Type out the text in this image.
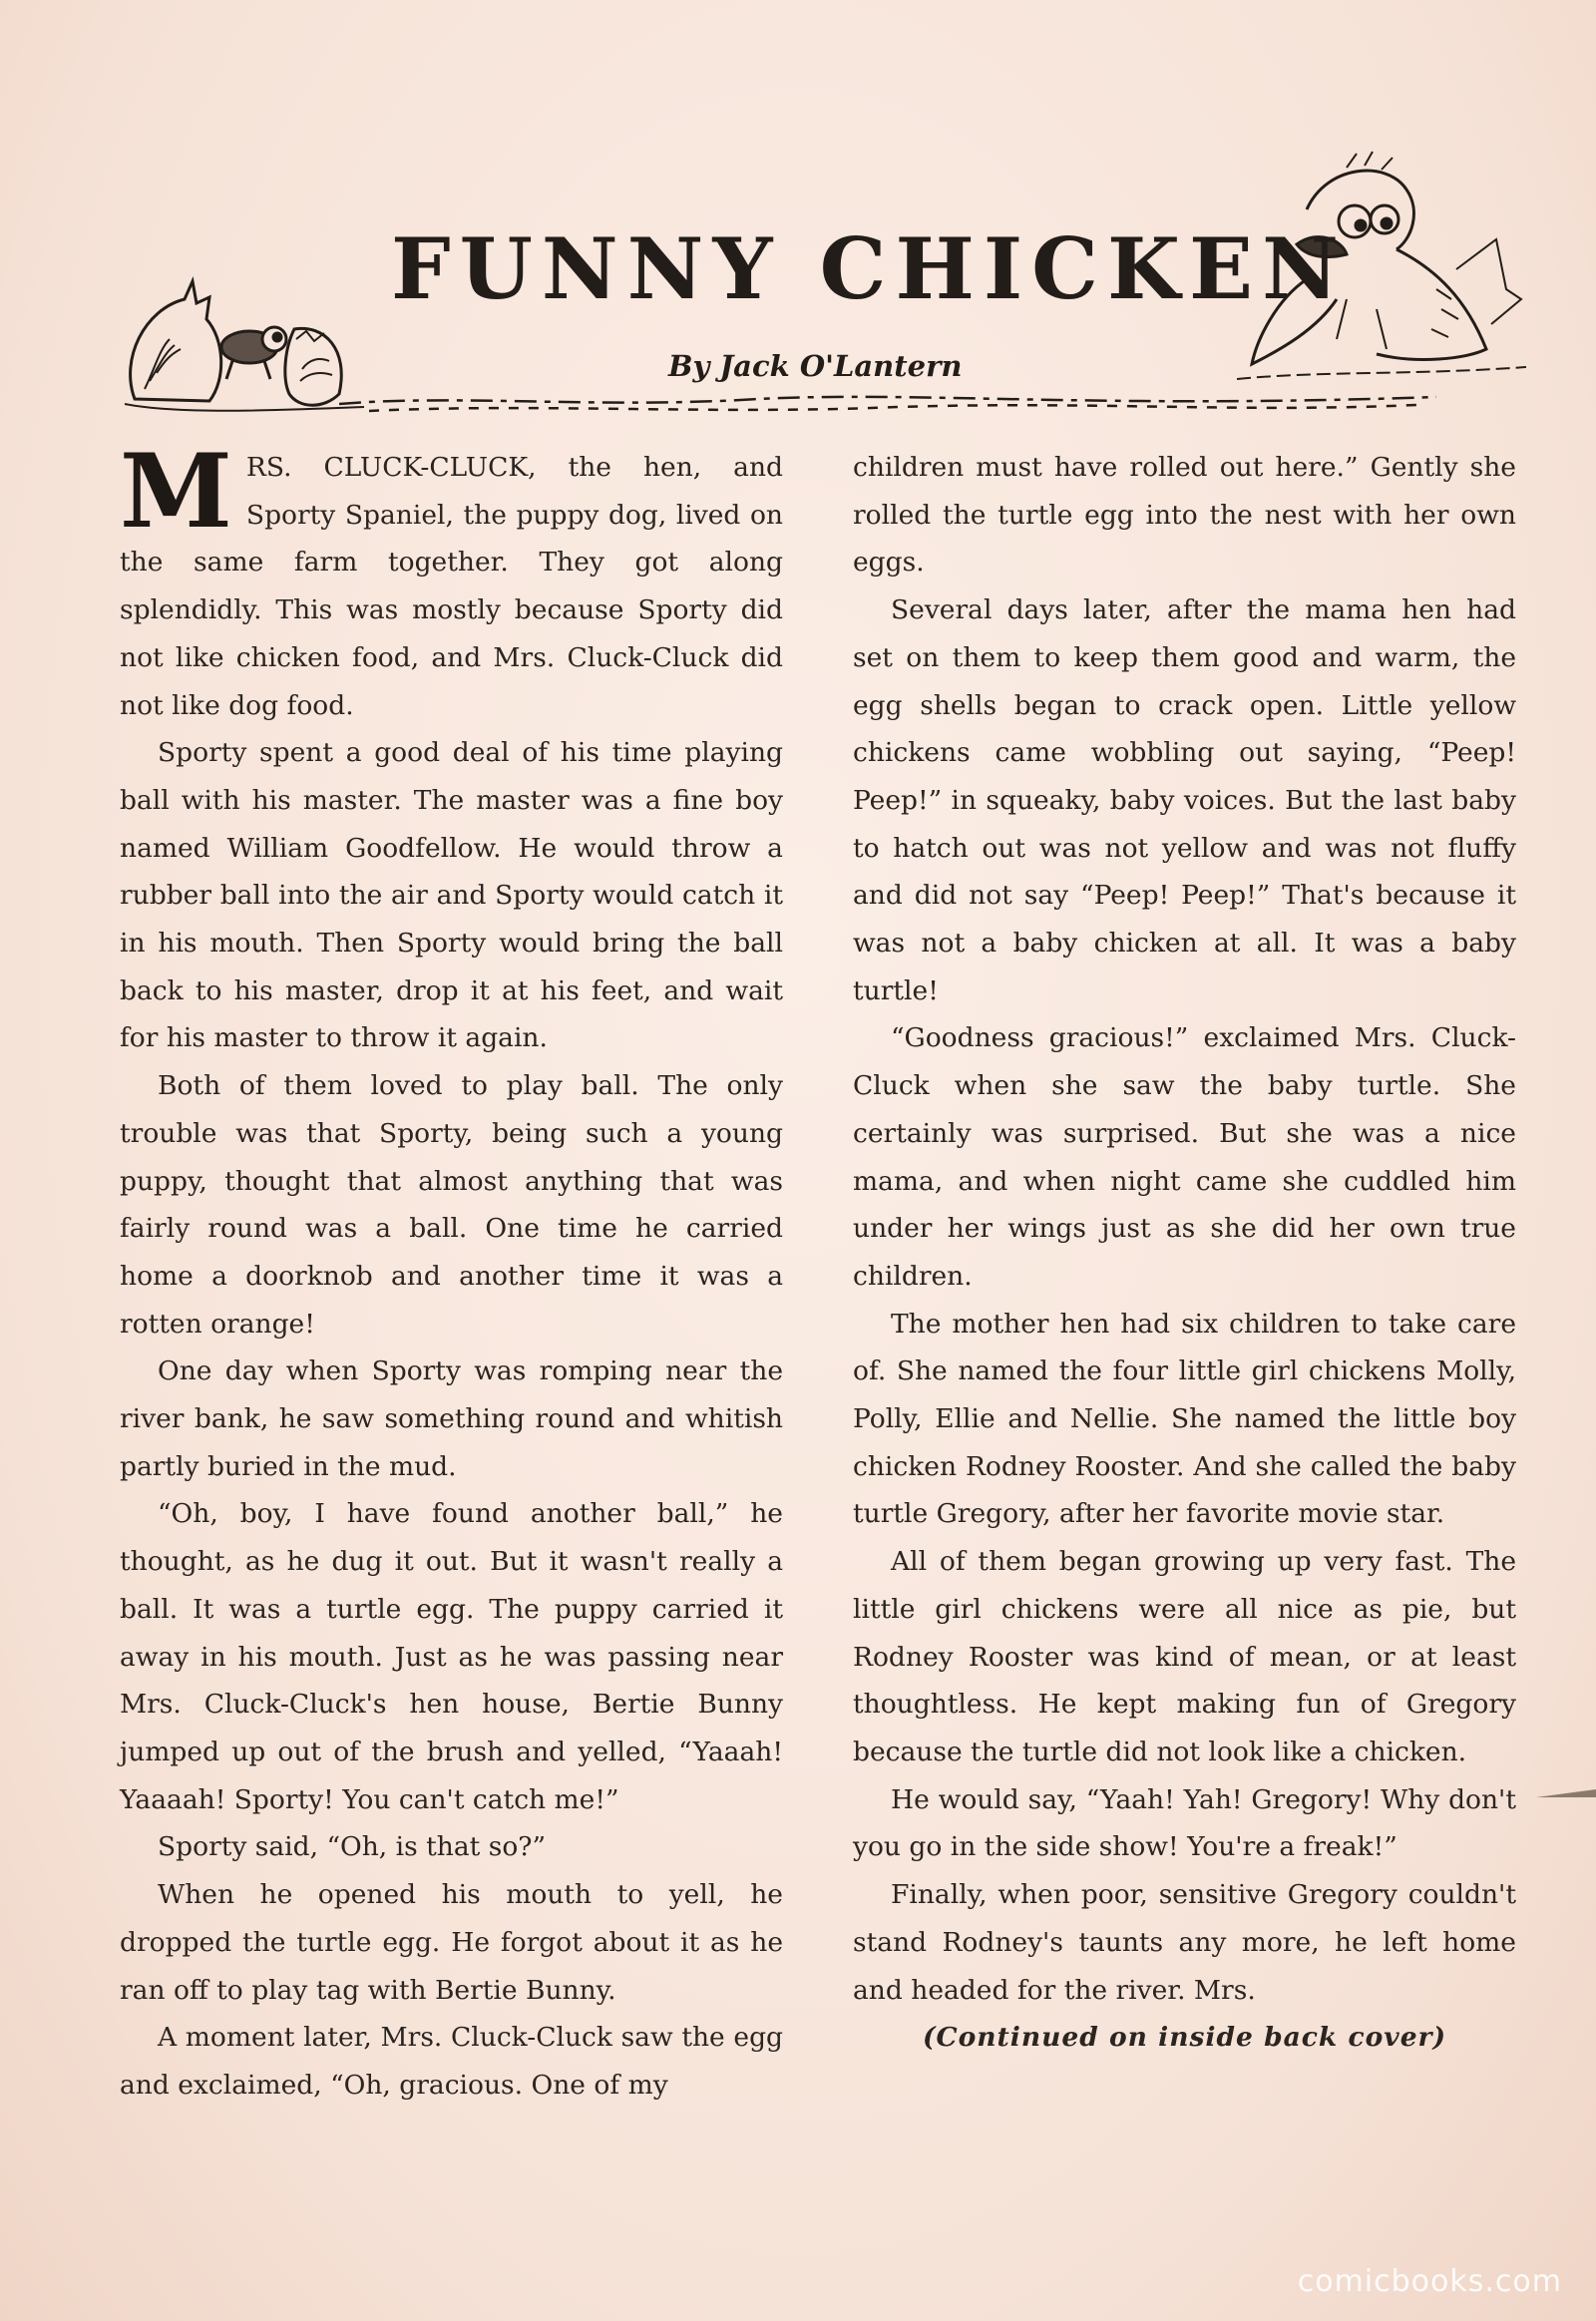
FUNNY CHICKEN
By Jack O'Lantern

MRS. CLUCK-CLUCK, the hen, and Sporty Spaniel, the puppy dog, lived on the same farm together. They got along splendidly. This was mostly because Sporty did not like chicken food, and Mrs. Cluck-Cluck did not like dog food.

Sporty spent a good deal of his time playing ball with his master. The master was a fine boy named William Goodfellow. He would throw a rubber ball into the air and Sporty would catch it in his mouth. Then Sporty would bring the ball back to his master, drop it at his feet, and wait for his master to throw it again.

Both of them loved to play ball. The only trouble was that Sporty, being such a young puppy, thought that almost anything that was fairly round was a ball. One time he carried home a doorknob and another time it was a rotten orange!

One day when Sporty was romping near the river bank, he saw something round and whitish partly buried in the mud.

“Oh, boy, I have found another ball,” he thought, as he dug it out. But it wasn't really a ball. It was a turtle egg. The puppy carried it away in his mouth. Just as he was passing near Mrs. Cluck-Cluck's hen house, Bertie Bunny jumped up out of the brush and yelled, “Yaaah! Yaaaah! Sporty! You can't catch me!”

Sporty said, “Oh, is that so?”

When he opened his mouth to yell, he dropped the turtle egg. He forgot about it as he ran off to play tag with Bertie Bunny.

A moment later, Mrs. Cluck-Cluck saw the egg and exclaimed, “Oh, gracious. One of my

children must have rolled out here.” Gently she rolled the turtle egg into the nest with her own eggs.

Several days later, after the mama hen had set on them to keep them good and warm, the egg shells began to crack open. Little yellow chickens came wobbling out saying, “Peep! Peep!” in squeaky, baby voices. But the last baby to hatch out was not yellow and was not fluffy and did not say “Peep! Peep!” That's because it was not a baby chicken at all. It was a baby turtle!

“Goodness gracious!” exclaimed Mrs. Cluck-Cluck when she saw the baby turtle. She certainly was surprised. But she was a nice mama, and when night came she cuddled him under her wings just as she did her own true children.

The mother hen had six children to take care of. She named the four little girl chickens Molly, Polly, Ellie and Nellie. She named the little boy chicken Rodney Rooster. And she called the baby turtle Gregory, after her favorite movie star.

All of them began growing up very fast. The little girl chickens were all nice as pie, but Rodney Rooster was kind of mean, or at least thoughtless. He kept making fun of Gregory because the turtle did not look like a chicken.

He would say, “Yaah! Yah! Gregory! Why don't you go in the side show! You're a freak!”

Finally, when poor, sensitive Gregory couldn't stand Rodney's taunts any more, he left home and headed for the river. Mrs.

(Continued on inside back cover)

comicbooks.com
